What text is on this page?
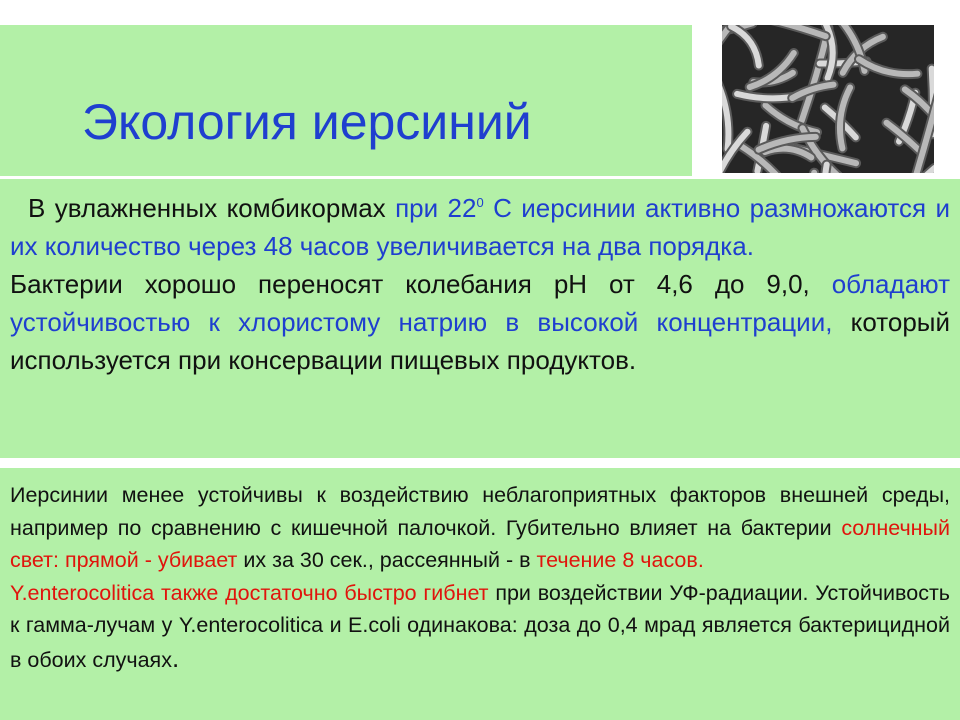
Экология иерсиний

В увлажненных комбикормах при $22^0$ С иерсинии активно размножаются и их количество через 48 часов увеличивается на два порядка.

Бактерии хорошо переносят колебания рН от 4,6 до 9,0, обладают устойчивостью к хлористому натрию в высокой концентрации, который используется при консервации пищевых продуктов.

Иерсинии менее устойчивы к воздействию неблагоприятных факторов внешней среды, например по сравнению с кишечной палочкой. Губительно влияет на бактерии солнечный свет: прямой - убивает их за 30 сек., рассеянный - в течение 8 часов.

Y.enterocolitica также достаточно быстро гибнет при воздействии УФ-радиации. Устойчивость к гамма-лучам у Y.enterocolitica и E.coli одинакова: доза до 0,4 мрад является бактерицидной в обоих случаях.
